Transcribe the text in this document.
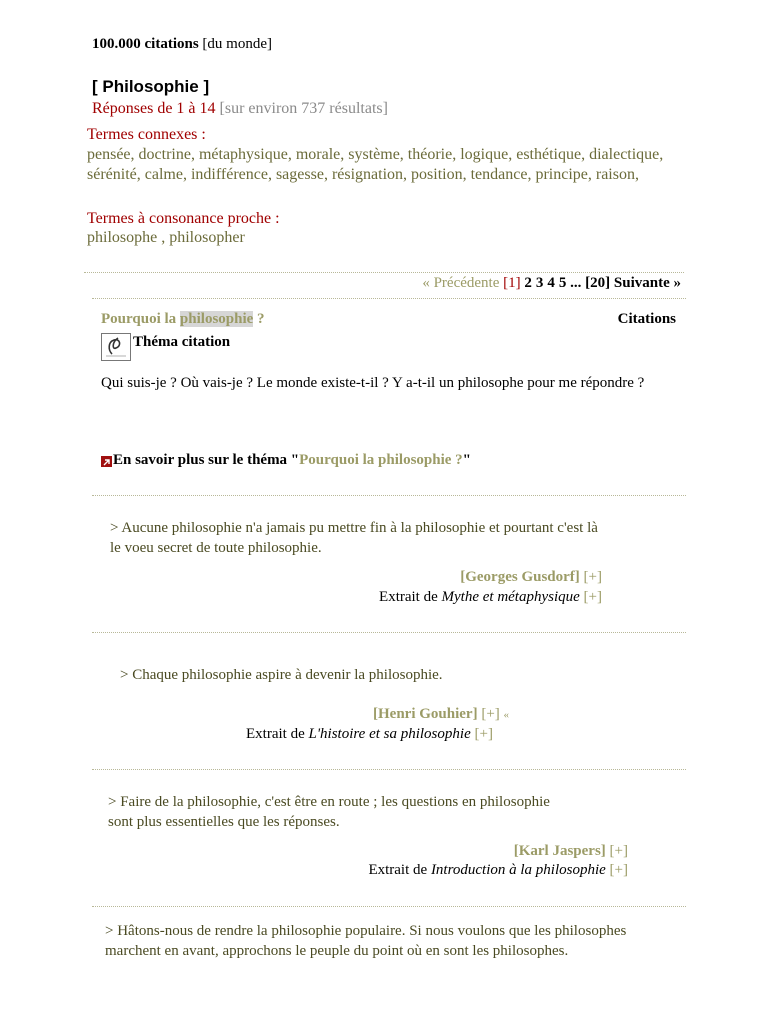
100.000 citations [du monde]
[ Philosophie ]
Réponses de 1 à 14 [sur environ 737 résultats]
Termes connexes :
pensée, doctrine, métaphysique, morale, système, théorie, logique, esthétique, dialectique, sérénité, calme, indifférence, sagesse, résignation, position, tendance, principe, raison,
Termes à consonance proche :
philosophe , philosopher
« Précédente [1] 2 3 4 5 ... [20] Suivante »
Pourquoi la philosophie ?	Citations
Théma citation
Qui suis-je ? Où vais-je ? Le monde existe-t-il ? Y a-t-il un philosophe pour me répondre ?
En savoir plus sur le théma "Pourquoi la philosophie ?"
> Aucune philosophie n'a jamais pu mettre fin à la philosophie et pourtant c'est là le voeu secret de toute philosophie.
[Georges Gusdorf] [+]
Extrait de Mythe et métaphysique [+]
> Chaque philosophie aspire à devenir la philosophie.
[Henri Gouhier] [+] «
Extrait de L'histoire et sa philosophie [+]
> Faire de la philosophie, c'est être en route ; les questions en philosophie sont plus essentielles que les réponses.
[Karl Jaspers] [+]
Extrait de Introduction à la philosophie [+]
> Hâtons-nous de rendre la philosophie populaire. Si nous voulons que les philosophes marchent en avant, approchons le peuple du point où en sont les philosophes.
